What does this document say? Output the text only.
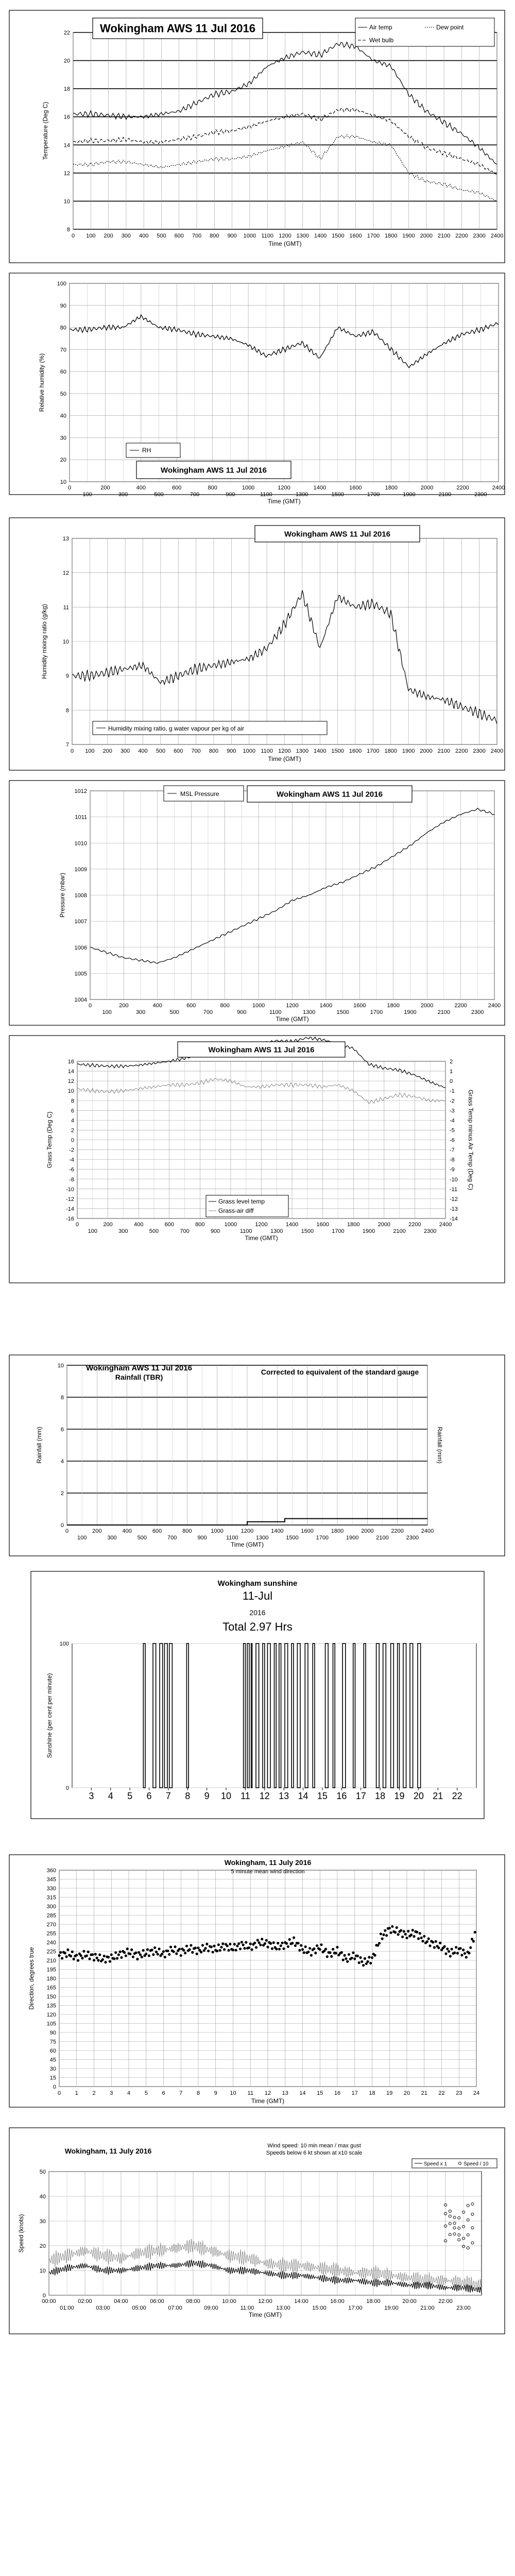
8
10
12
14
16
18
20
22
0 100 200 300 400 500 600 700 800 900 1000 1100 1200 1300 1400 1500 1600 1700 1800 1900 2000 2100 2200 2300 2400
Time (GMT)
Temperature (Deg C)
Wokingham AWS 11 Jul 2016	Air temp	Dew point
Wet bulb
10
20
30
40
50
60
70
80
90
100
0	200	400	600	800	1000	1200	1400	1600	1800	2000	2200	2400
100	300	500	700	900	1100	1300	1500	1700	1900	2100	2300
Time (GMT)
Relative humidity (%)
RH
Wokingham AWS 11 Jul 2016
7
8
9
10
11
12
13
0 100 200 300 400 500 600 700 800 900 1000 1100 1200 1300 1400 1500 1600 1700 1800 1900 2000 2100 2200 2300 2400
Time (GMT)
Humidity mixing ratio (g/kg)
Wokingham AWS 11 Jul 2016
Humidity mixing ratio, g water vapour per kg of air
1004
1005
1006
1007
1008
1009
1010
1011
1012
0	200	400	600	800	1000	1200	1400	1600	1800	2000	2200	2400
100	300	500	700	900	1100	1300	1500	1700	1900	2100	2300
Time (GMT)
Pressure (mbar)
MSL Pressure	Wokingham AWS 11 Jul 2016
-16
-14
-12
-10
-8
-6
-4
-2
0
2
4
6
8
10
12
14
16
-14
-13
-12
-11
-10
-9
-8
-7
-6
-5
-4
-3
-2
-1
0
1
2
0	200	400	600	800	1000	1200	1400	1600	1800	2000	2200	2400
100	300	500	700	900	1100	1300	1500	1700	1900	2100	2300
Time (GMT)
Grass Temp (Deg C)	Grass Temp minus Air Temp (Deg C)
Wokingham AWS 11 Jul 2016
Grass level temp
Grass-air diff
0
2
4
6
8
10
0	200	400	600	800	1000	1200	1400	1600	1800	2000	2200	2400
100	300	500	700	900	1100	1300	1500	1700	1900	2100	2300
Time (GMT)
Rainfall (mm)	Rainfall (mm)
Wokingham AWS 11 Jul 2016
Rainfall (TBR)
Corrected to equivalent of the standard gauge
0
100
3 4 5 6 7 8 9 10 11 12 13 14 15 16 17 18 19 20 21 22
Wokingham sunshine
11-Jul
2016
Total 2.97 Hrs
Sunshine (per cent per minute)
0
15
30
45
60
75
90
105
120
135
150
165
180
195
210
225
240
255
270
285
300
315
330
345
360
0	1	2	3	4	5	6	7	8	9 10 11 12 13 14 15 16 17 18 19 20 21 22 23 24
Time (GMT)
Direction, degrees true
Wokingham, 11 July 2016
5 minute mean wind direction
0
10
20
30
40
50
00:00	02:00	04:00	06:00	08:00	10:00	12:00	14:00	16:00	18:00	20:00	22:00
01:00	03:00	05:00	07:00	09:00	11:00	13:00	15:00	17:00	19:00	21:00	23:00
Time (GMT)
Speed (knots)
Wokingham, 11 July 2016
Wind speed: 10 min mean / max gust
Speeds below 6 kt shown at x10 scale
Speed x 1	Speed / 10
